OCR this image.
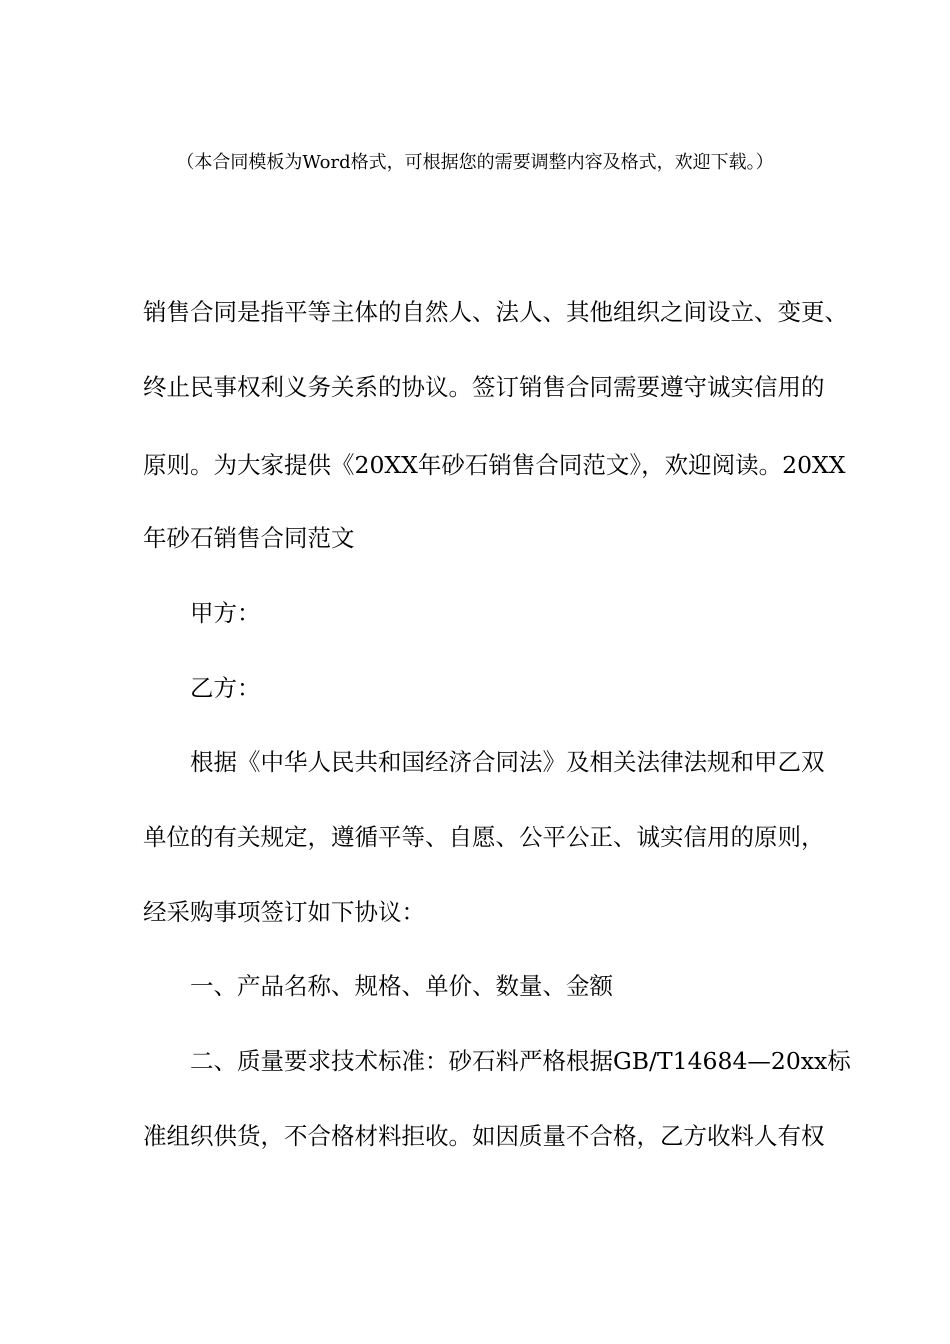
（本合同模板为Word格式，可根据您的需要调整内容及格式，欢迎下载。）
销售合同是指平等主体的自然人、法人、其他组织之间设立、变更、
终止民事权利义务关系的协议。签订销售合同需要遵守诚实信用的
原则。为大家提供《20XX年砂石销售合同范文》，欢迎阅读。20XX
年砂石销售合同范文
甲方：
乙方：
根据《中华人民共和国经济合同法》及相关法律法规和甲乙双
单位的有关规定，遵循平等、自愿、公平公正、诚实信用的原则，
经采购事项签订如下协议：
一、产品名称、规格、单价、数量、金额
二、质量要求技术标准：砂石料严格根据GB/T14684—20xx标
准组织供货，不合格材料拒收。如因质量不合格，乙方收料人有权
